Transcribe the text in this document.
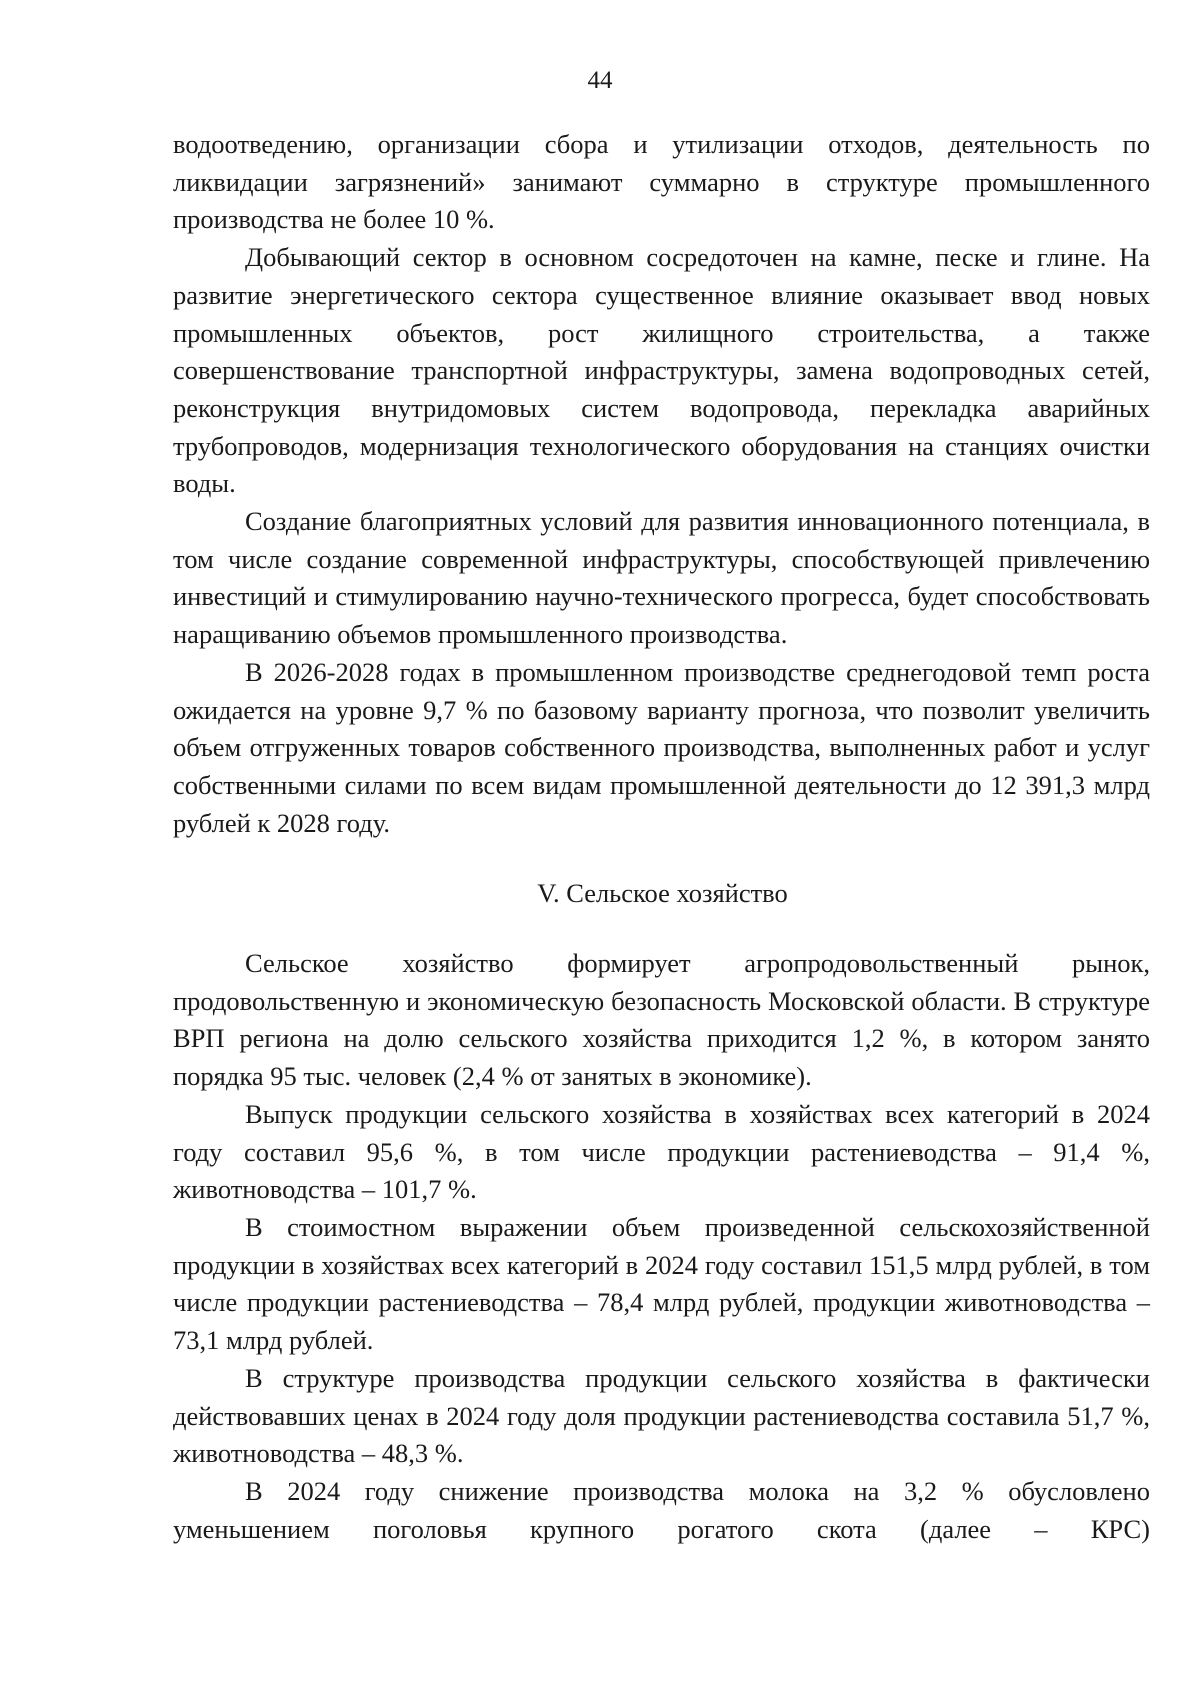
44

водоотведению, организации сбора и утилизации отходов, деятельность по ликвидации загрязнений» занимают суммарно в структуре промышленного производства не более 10 %.

Добывающий сектор в основном сосредоточен на камне, песке и глине. На развитие энергетического сектора существенное влияние оказывает ввод новых промышленных объектов, рост жилищного строительства, а также совершенствование транспортной инфраструктуры, замена водопроводных сетей, реконструкция внутридомовых систем водопровода, перекладка аварийных трубопроводов, модернизация технологического оборудования на станциях очистки воды.

Создание благоприятных условий для развития инновационного потенциала, в том числе создание современной инфраструктуры, способствующей привлечению инвестиций и стимулированию научно-технического прогресса, будет способствовать наращиванию объемов промышленного производства.

В 2026-2028 годах в промышленном производстве среднегодовой темп роста ожидается на уровне 9,7 % по базовому варианту прогноза, что позволит увеличить объем отгруженных товаров собственного производства, выполненных работ и услуг собственными силами по всем видам промышленной деятельности до 12 391,3 млрд рублей к 2028 году.

V. Сельское хозяйство

Сельское хозяйство формирует агропродовольственный рынок, продовольственную и экономическую безопасность Московской области. В структуре ВРП региона на долю сельского хозяйства приходится 1,2 %, в котором занято порядка 95 тыс. человек (2,4 % от занятых в экономике).

Выпуск продукции сельского хозяйства в хозяйствах всех категорий в 2024 году составил 95,6 %, в том числе продукции растениеводства – 91,4 %, животноводства – 101,7 %.

В стоимостном выражении объем произведенной сельскохозяйственной продукции в хозяйствах всех категорий в 2024 году составил 151,5 млрд рублей, в том числе продукции растениеводства – 78,4 млрд рублей, продукции животноводства – 73,1 млрд рублей.

В структуре производства продукции сельского хозяйства в фактически действовавших ценах в 2024 году доля продукции растениеводства составила 51,7 %, животноводства – 48,3 %.

В 2024 году снижение производства молока на 3,2 % обусловлено уменьшением поголовья крупного рогатого скота (далее – КРС)
